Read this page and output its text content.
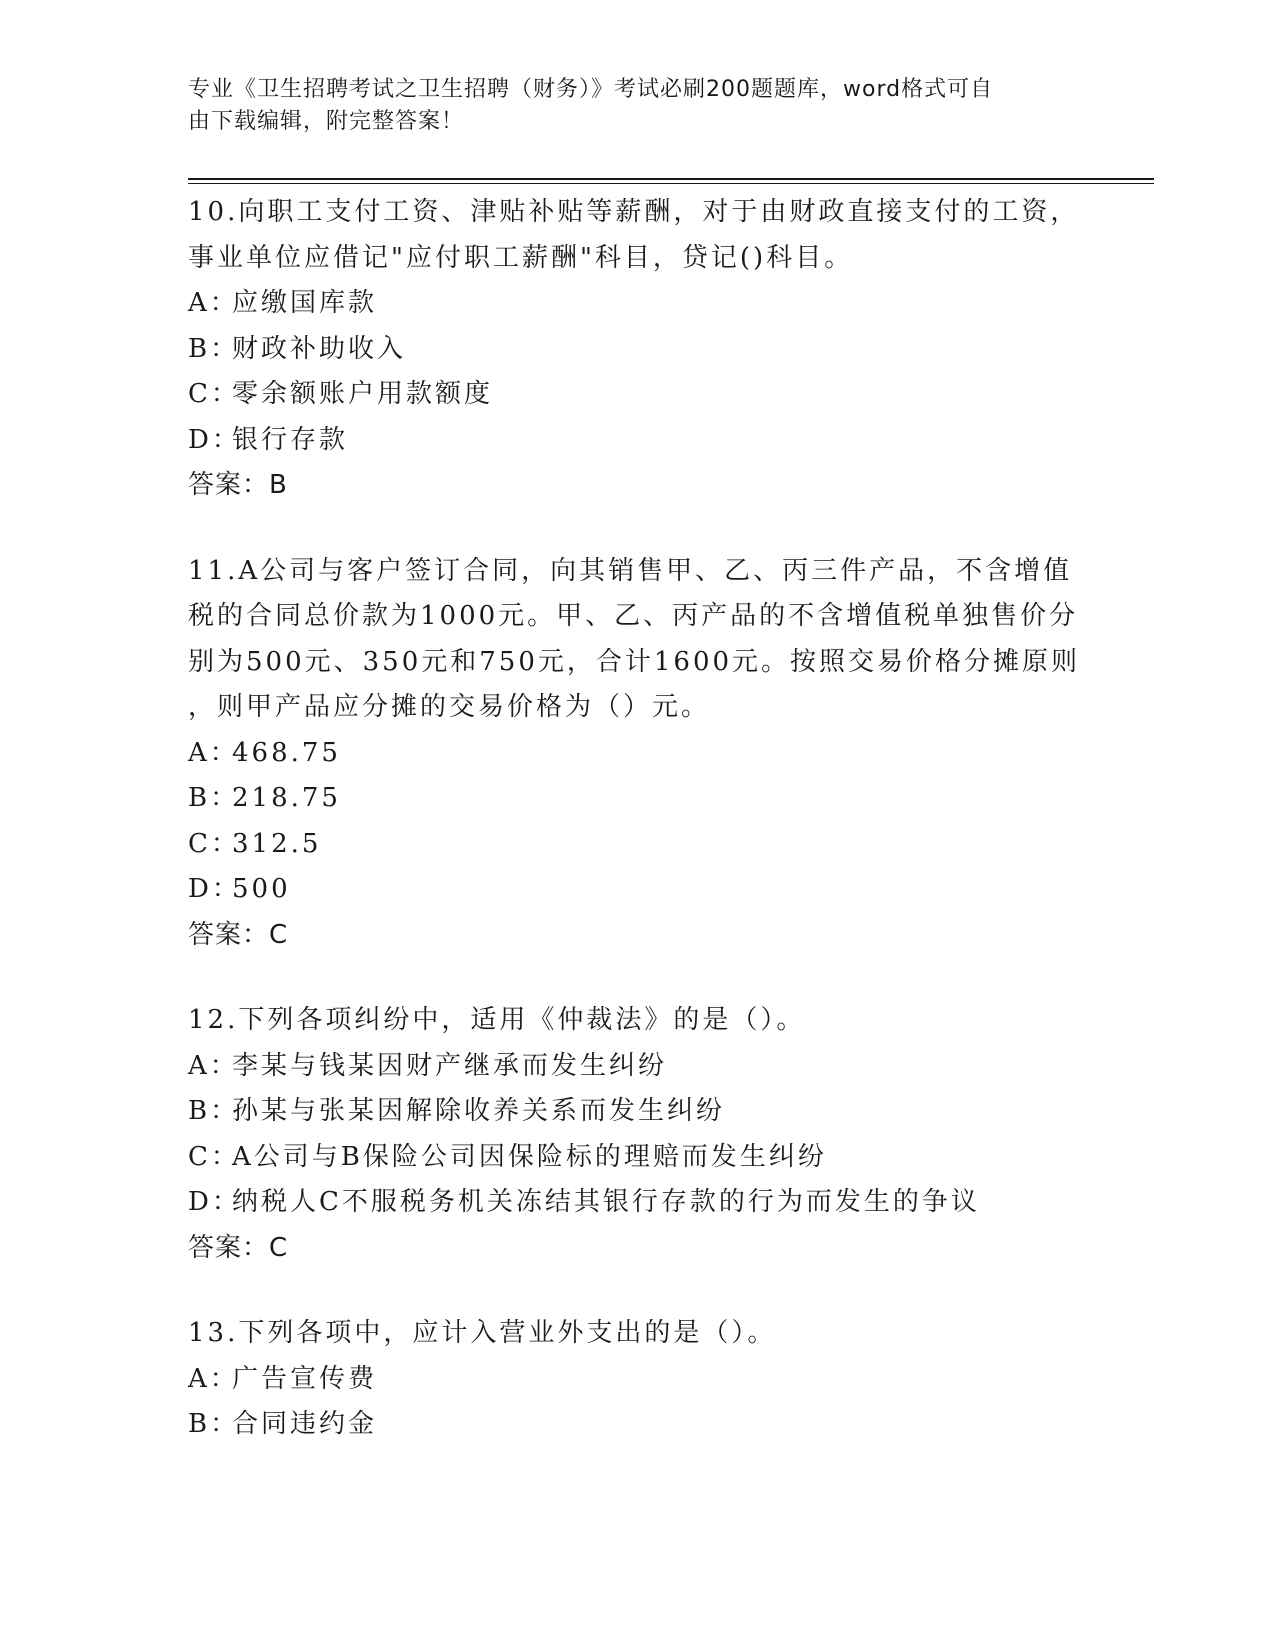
专业《卫生招聘考试之卫生招聘（财务）》考试必刷200题题库，word格式可自
由下载编辑，附完整答案！

10.向职工支付工资、津贴补贴等薪酬，对于由财政直接支付的工资，

事业单位应借记"应付职工薪酬"科目，贷记()科目。

A：
应缴国库款

B：
财政补助收入

C：
零余额账户用款额度

D：
银行存款

答案：B

11.A公司与客户签订合同，向其销售甲、乙、丙三件产品，不含增值

税的合同总价款为1000元。甲、乙、丙产品的不含增值税单独售价分

别为500元、350元和750元，合计1600元。按照交易价格分摊原则

，则甲产品应分摊的交易价格为（）元。

A：
468.75

B：
218.75

C：
312.5

D：
500

答案：C

12.下列各项纠纷中，适用《仲裁法》的是（）。

A：
李某与钱某因财产继承而发生纠纷

B：
孙某与张某因解除收养关系而发生纠纷

C：
A公司与B保险公司因保险标的理赔而发生纠纷

D：
纳税人C不服税务机关冻结其银行存款的行为而发生的争议

答案：C

13.下列各项中，应计入营业外支出的是（）。

A：
广告宣传费

B：
合同违约金
